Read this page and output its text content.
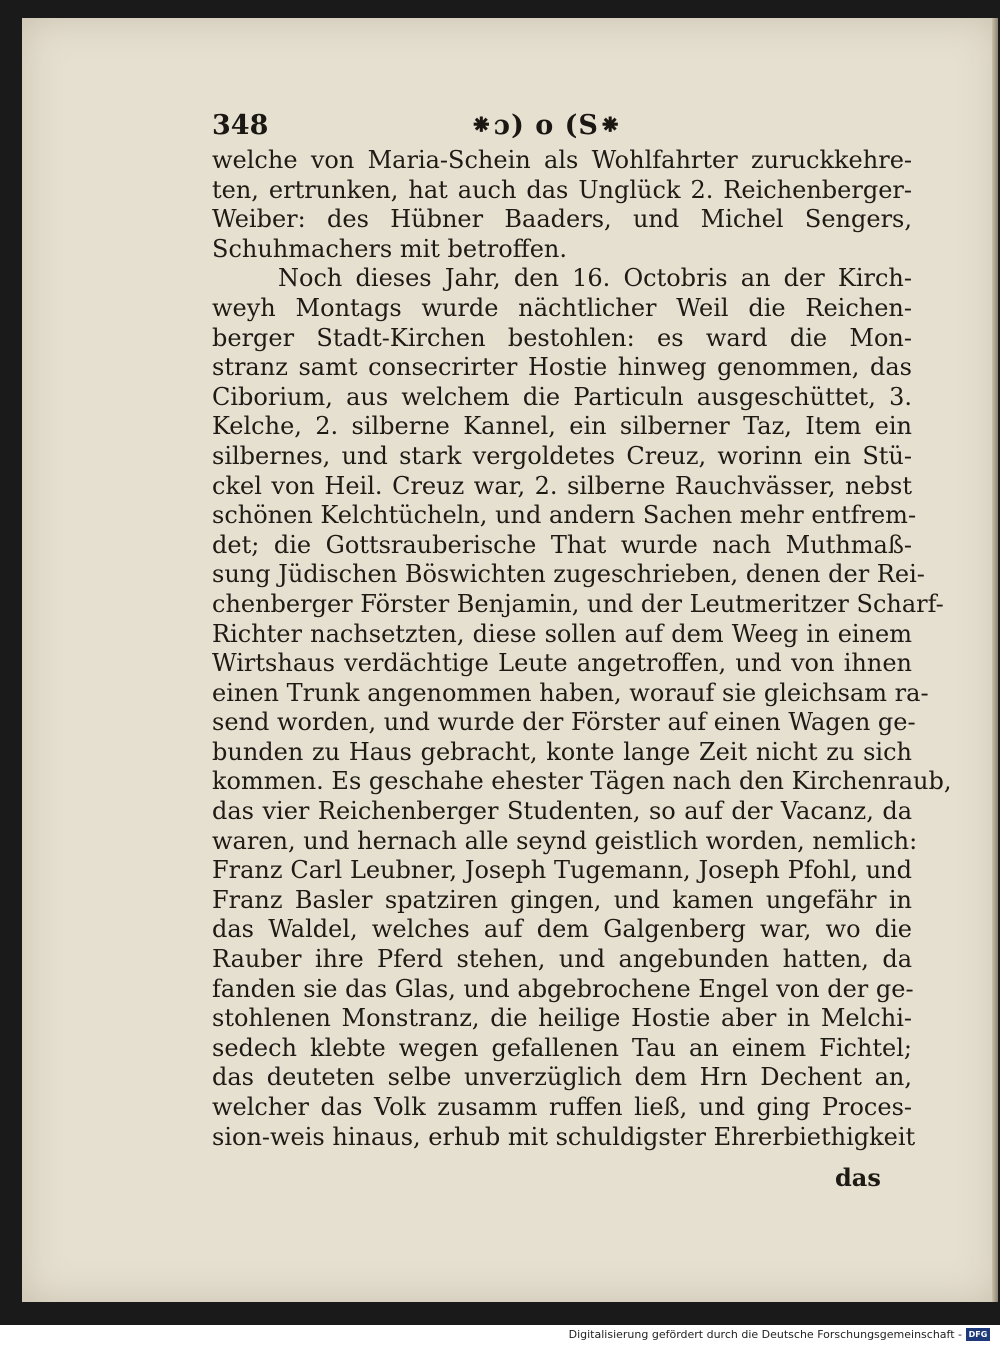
348	⁕ɔ) o (S⁕
welche von Maria-Schein als Wohlfahrter zuruckkehre-
ten, ertrunken, hat auch das Unglück 2. Reichenberger-
Weiber: des Hübner Baaders, und Michel Sengers,
Schuhmachers mit betroffen.
Noch dieses Jahr, den 16. Octobris an der Kirch-
weyh Montags wurde nächtlicher Weil die Reichen-
berger Stadt-Kirchen bestohlen: es ward die Mon-
stranz samt consecrirter Hostie hinweg genommen, das
Ciborium, aus welchem die Particuln ausgeschüttet, 3.
Kelche, 2. silberne Kannel, ein silberner Taz, Item ein
silbernes, und stark vergoldetes Creuz, worinn ein Stü-
ckel von Heil. Creuz war, 2. silberne Rauchvässer, nebst
schönen Kelchtücheln, und andern Sachen mehr entfrem-
det; die Gottsrauberische That wurde nach Muthmaß-
sung Jüdischen Böswichten zugeschrieben, denen der Rei-
chenberger Förster Benjamin, und der Leutmeritzer Scharf-
Richter nachsetzten, diese sollen auf dem Weeg in einem
Wirtshaus verdächtige Leute angetroffen, und von ihnen
einen Trunk angenommen haben, worauf sie gleichsam ra-
send worden, und wurde der Förster auf einen Wagen ge-
bunden zu Haus gebracht, konte lange Zeit nicht zu sich
kommen. Es geschahe ehester Tägen nach den Kirchenraub,
das vier Reichenberger Studenten, so auf der Vacanz, da
waren, und hernach alle seynd geistlich worden, nemlich:
Franz Carl Leubner, Joseph Tugemann, Joseph Pfohl, und
Franz Basler spatziren gingen, und kamen ungefähr in
das Waldel, welches auf dem Galgenberg war, wo die
Rauber ihre Pferd stehen, und angebunden hatten, da
fanden sie das Glas, und abgebrochene Engel von der ge-
stohlenen Monstranz, die heilige Hostie aber in Melchi-
sedech klebte wegen gefallenen Tau an einem Fichtel;
das deuteten selbe unverzüglich dem Hrn Dechent an,
welcher das Volk zusamm ruffen ließ, und ging Proces-
sion-weis hinaus, erhub mit schuldigster Ehrerbiethigkeit
das
Digitalisierung gefördert durch die Deutsche Forschungsgemeinschaft - DFG
